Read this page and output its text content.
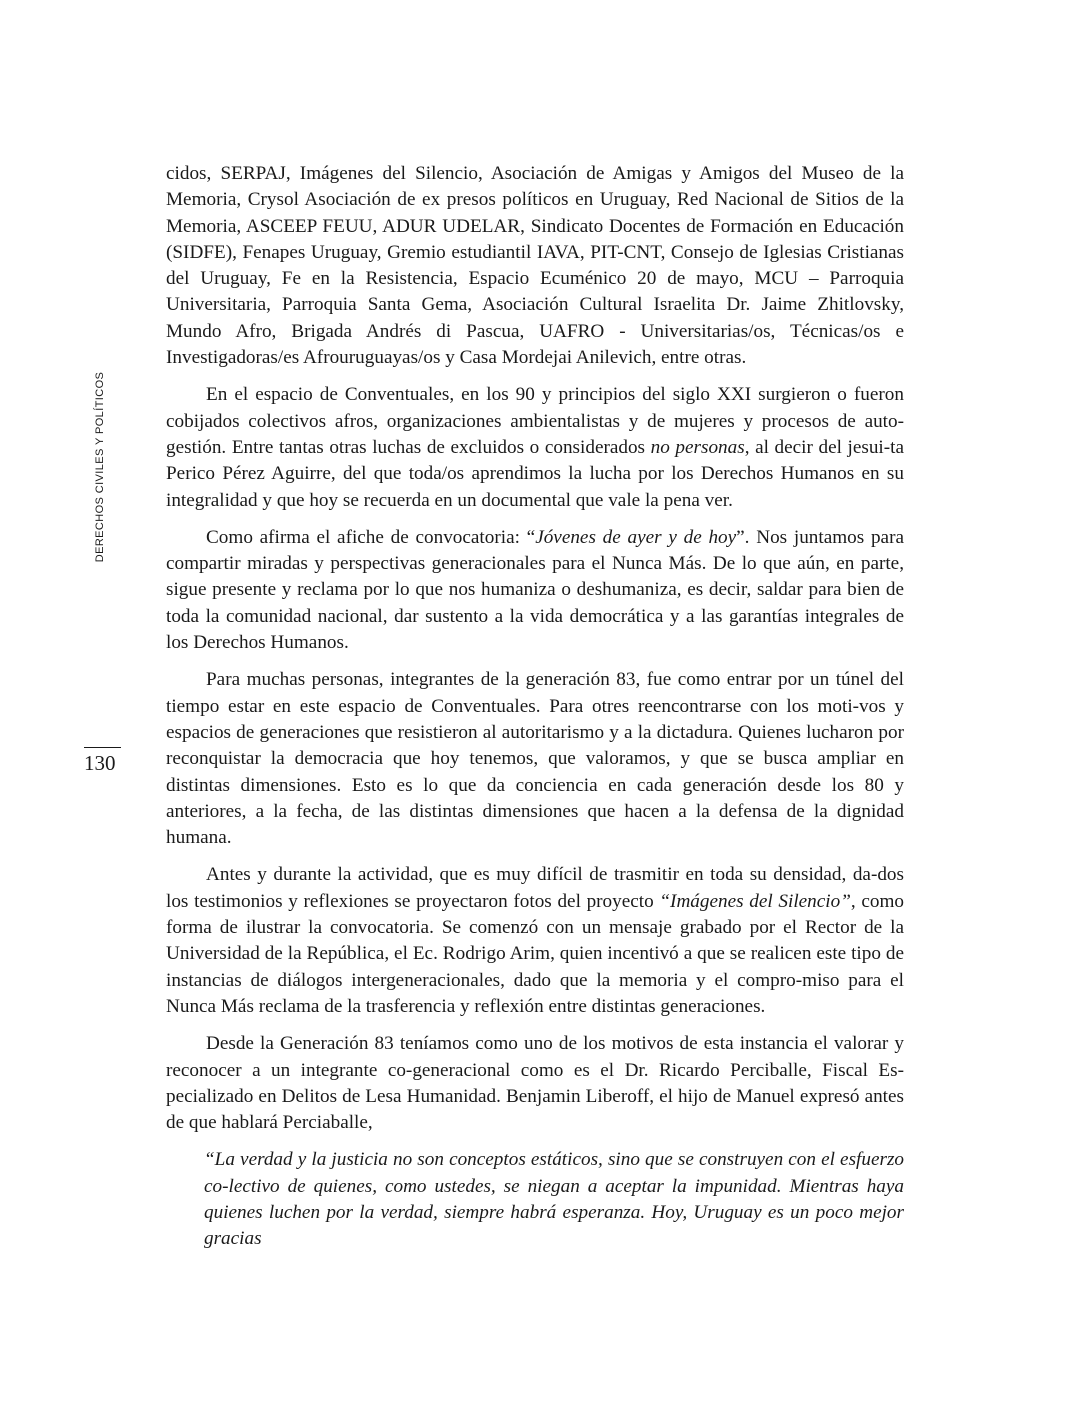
DERECHOS CIVILES Y POLÍTICOS
130

cidos, SERPAJ, Imágenes del Silencio, Asociación de Amigas y Amigos del Museo de la Memoria, Crysol Asociación de ex presos políticos en Uruguay, Red Nacional de Sitios de la Memoria, ASCEEP FEUU, ADUR UDELAR, Sindicato Docentes de Formación en Educación (SIDFE), Fenapes Uruguay, Gremio estudiantil IAVA, PIT-CNT, Consejo de Iglesias Cristianas del Uruguay, Fe en la Resistencia, Espacio Ecuménico 20 de mayo, MCU – Parroquia Universitaria, Parroquia Santa Gema, Asociación Cultural Israelita Dr. Jaime Zhitlovsky, Mundo Afro, Brigada Andrés di Pascua, UAFRO - Universitarias/os, Técnicas/os e Investigadoras/es Afrouruguayas/os y Casa Mordejai Anilevich, entre otras.

En el espacio de Conventuales, en los 90 y principios del siglo XXI surgieron o fueron cobijados colectivos afros, organizaciones ambientalistas y de mujeres y procesos de auto-gestión. Entre tantas otras luchas de excluidos o considerados no personas, al decir del jesui-ta Perico Pérez Aguirre, del que toda/os aprendimos la lucha por los Derechos Humanos en su integralidad y que hoy se recuerda en un documental que vale la pena ver.

Como afirma el afiche de convocatoria: “Jóvenes de ayer y de hoy”. Nos juntamos para compartir miradas y perspectivas generacionales para el Nunca Más. De lo que aún, en parte, sigue presente y reclama por lo que nos humaniza o deshumaniza, es decir, saldar para bien de toda la comunidad nacional, dar sustento a la vida democrática y a las garantías integrales de los Derechos Humanos.

Para muchas personas, integrantes de la generación 83, fue como entrar por un túnel del tiempo estar en este espacio de Conventuales. Para otres reencontrarse con los moti-vos y espacios de generaciones que resistieron al autoritarismo y a la dictadura. Quienes lucharon por reconquistar la democracia que hoy tenemos, que valoramos, y que se busca ampliar en distintas dimensiones. Esto es lo que da conciencia en cada generación desde los 80 y anteriores, a la fecha, de las distintas dimensiones que hacen a la defensa de la dignidad humana.

Antes y durante la actividad, que es muy difícil de trasmitir en toda su densidad, da-dos los testimonios y reflexiones se proyectaron fotos del proyecto “Imágenes del Silencio”, como forma de ilustrar la convocatoria. Se comenzó con un mensaje grabado por el Rector de la Universidad de la República, el Ec. Rodrigo Arim, quien incentivó a que se realicen este tipo de instancias de diálogos intergeneracionales, dado que la memoria y el compro-miso para el Nunca Más reclama de la trasferencia y reflexión entre distintas generaciones.

Desde la Generación 83 teníamos como uno de los motivos de esta instancia el valorar y reconocer a un integrante co-generacional como es el Dr. Ricardo Perciballe, Fiscal Es-pecializado en Delitos de Lesa Humanidad. Benjamin Liberoff, el hijo de Manuel expresó antes de que hablará Perciaballe,

“La verdad y la justicia no son conceptos estáticos, sino que se construyen con el esfuerzo co-lectivo de quienes, como ustedes, se niegan a aceptar la impunidad. Mientras haya quienes luchen por la verdad, siempre habrá esperanza. Hoy, Uruguay es un poco mejor gracias
